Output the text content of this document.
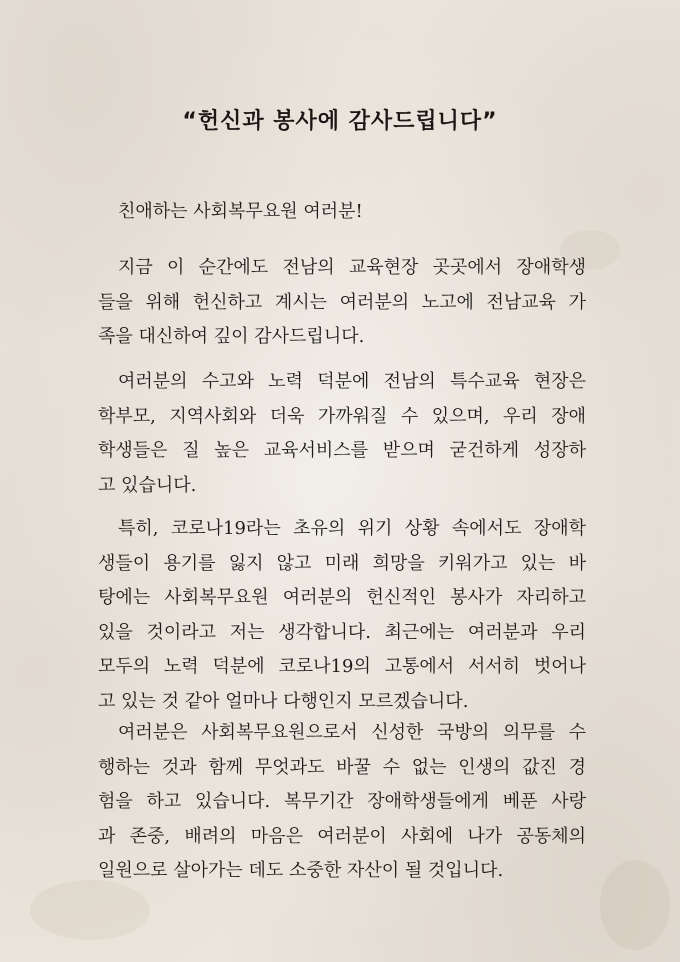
“헌신과 봉사에 감사드립니다”

친애하는 사회복무요원 여러분!

지금 이 순간에도 전남의 교육현장 곳곳에서 장애학생
들을 위해 헌신하고 계시는 여러분의 노고에 전남교육 가
족을 대신하여 깊이 감사드립니다.

여러분의 수고와 노력 덕분에 전남의 특수교육 현장은
학부모, 지역사회와 더욱 가까워질 수 있으며, 우리 장애
학생들은 질 높은 교육서비스를 받으며 굳건하게 성장하
고 있습니다.

특히, 코로나19라는 초유의 위기 상황 속에서도 장애학
생들이 용기를 잃지 않고 미래 희망을 키워가고 있는 바
탕에는 사회복무요원 여러분의 헌신적인 봉사가 자리하고
있을 것이라고 저는 생각합니다. 최근에는 여러분과 우리
모두의 노력 덕분에 코로나19의 고통에서 서서히 벗어나
고 있는 것 같아 얼마나 다행인지 모르겠습니다.

여러분은 사회복무요원으로서 신성한 국방의 의무를 수
행하는 것과 함께 무엇과도 바꿀 수 없는 인생의 값진 경
험을 하고 있습니다. 복무기간 장애학생들에게 베푼 사랑
과 존중, 배려의 마음은 여러분이 사회에 나가 공동체의
일원으로 살아가는 데도 소중한 자산이 될 것입니다.
